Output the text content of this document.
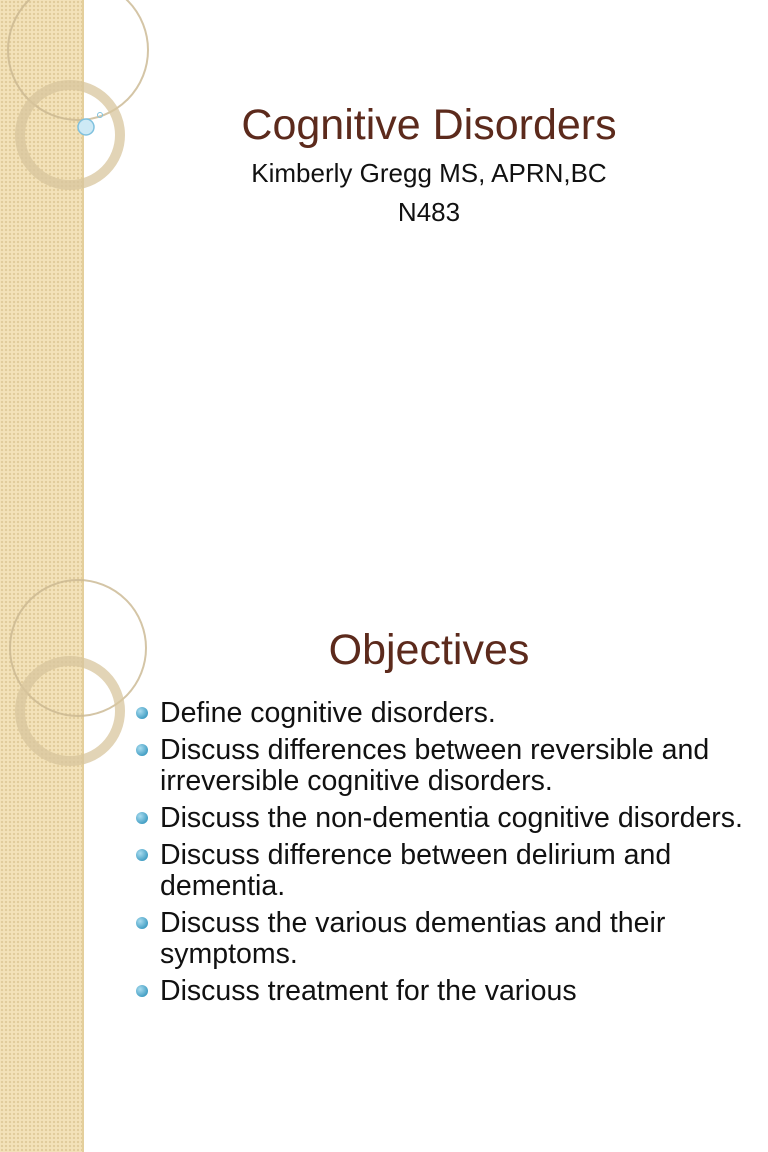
Cognitive Disorders

Kimberly Gregg MS, APRN,BC

N483

Objectives
Define cognitive disorders.
Discuss differences between reversible and irreversible cognitive disorders.
Discuss the non-dementia cognitive disorders.
Discuss difference between delirium and dementia.
Discuss the various dementias and their symptoms.
Discuss treatment for the various
